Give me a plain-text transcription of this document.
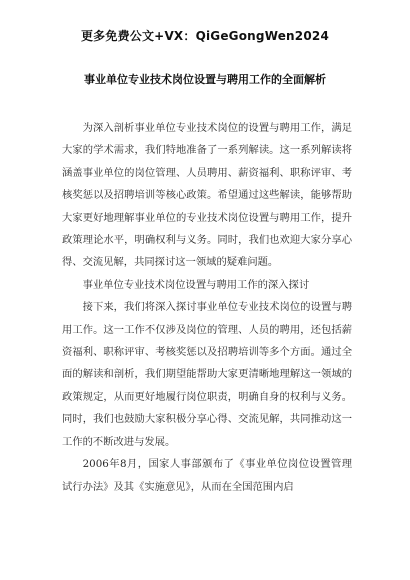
更多免费公文+VX：QiGeGongWen2024
事业单位专业技术岗位设置与聘用工作的全面解析

为深入剖析事业单位专业技术岗位的设置与聘用工作，满足大家的学术需求，我们特地准备了一系列解读。这一系列解读将涵盖事业单位的岗位管理、人员聘用、薪资福利、职称评审、考核奖惩以及招聘培训等核心政策。希望通过这些解读，能够帮助大家更好地理解事业单位的专业技术岗位设置与聘用工作，提升政策理论水平，明确权利与义务。同时，我们也欢迎大家分享心得、交流见解，共同探讨这一领域的疑难问题。

事业单位专业技术岗位设置与聘用工作的深入探讨

接下来，我们将深入探讨事业单位专业技术岗位的设置与聘用工作。这一工作不仅涉及岗位的管理、人员的聘用，还包括薪资福利、职称评审、考核奖惩以及招聘培训等多个方面。通过全面的解读和剖析，我们期望能帮助大家更清晰地理解这一领域的政策规定，从而更好地履行岗位职责，明确自身的权利与义务。同时，我们也鼓励大家积极分享心得、交流见解，共同推动这一工作的不断改进与发展。

2006年8月，国家人事部颁布了《事业单位岗位设置管理试行办法》及其《实施意见》，从而在全国范围内启
